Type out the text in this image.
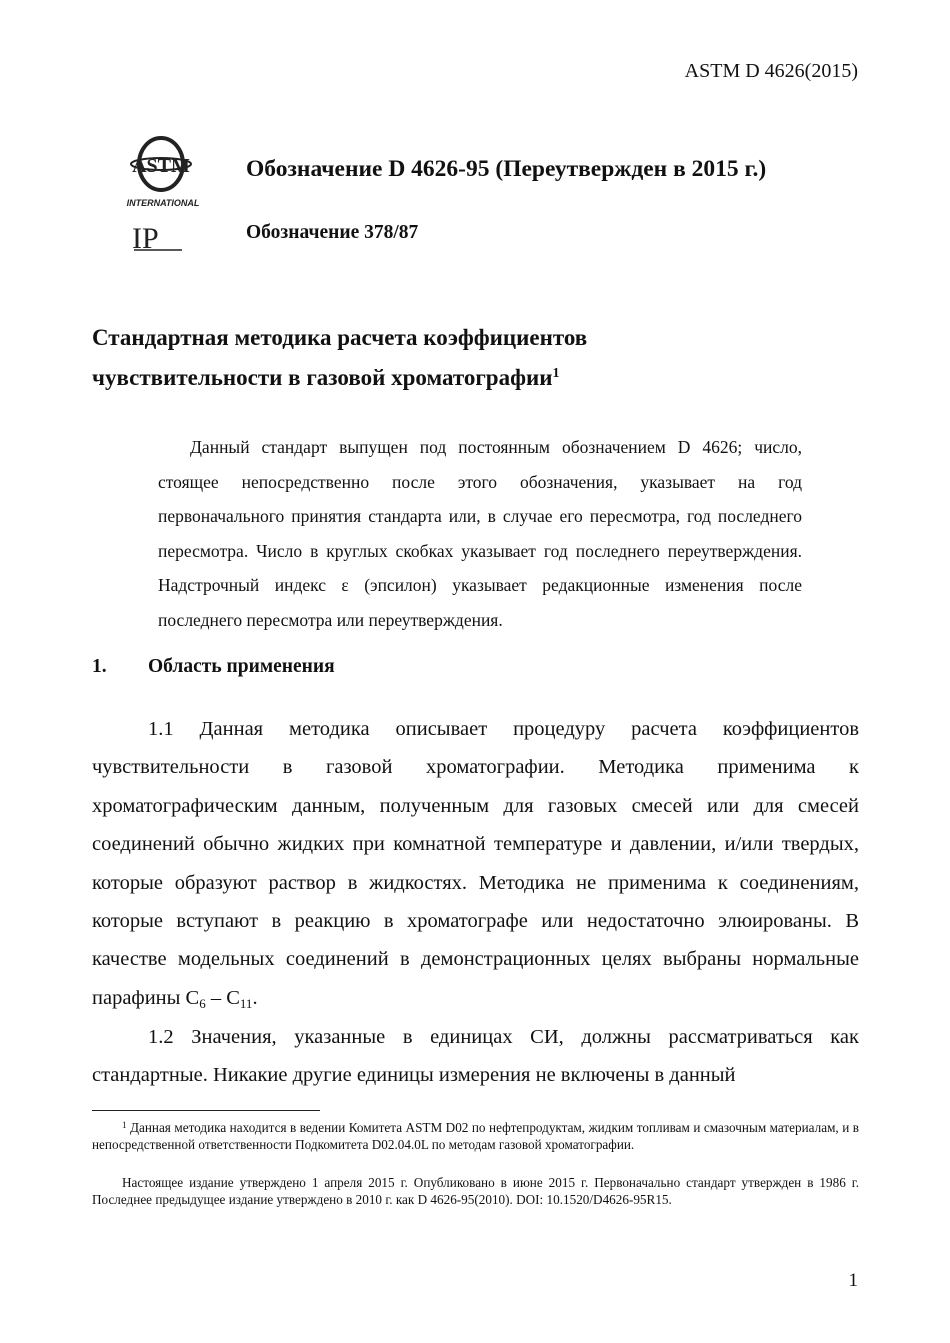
ASTM D 4626(2015)
ASTM
INTERNATIONAL
IP
Обозначение D 4626-95 (Переутвержден в 2015 г.)
Обозначение 378/87
Стандартная методика расчета коэффициентов
чувствительности в газовой хроматографии$^1$
Данный стандарт выпущен под постоянным обозначением D 4626; число, стоящее непосредственно после этого обозначения, указывает на год первоначального принятия стандарта или, в случае его пересмотра, год последнего пересмотра. Число в круглых скобках указывает год последнего переутверждения. Надстрочный индекс ε (эпсилон) указывает редакционные изменения после последнего пересмотра или переутверждения.
1. Область применения
1.1 Данная методика описывает процедуру расчета коэффициентов чувствительности в газовой хроматографии. Методика применима к хроматографическим данным, полученным для газовых смесей или для смесей соединений обычно жидких при комнатной температуре и давлении, и/или твердых, которые образуют раствор в жидкостях. Методика не применима к соединениям, которые вступают в реакцию в хроматографе или недостаточно элюированы. В качестве модельных соединений в демонстрационных целях выбраны нормальные парафины $C_6 - C_{11}$.
1.2 Значения, указанные в единицах СИ, должны рассматриваться как стандартные. Никакие другие единицы измерения не включены в данный
$^1$ Данная методика находится в ведении Комитета ASTM D02 по нефтепродуктам, жидким топливам и смазочным материалам, и в непосредственной ответственности Подкомитета D02.04.0L по методам газовой хроматографии.
Настоящее издание утверждено 1 апреля 2015 г. Опубликовано в июне 2015 г. Первоначально стандарт утвержден в 1986 г. Последнее предыдущее издание утверждено в 2010 г. как D 4626-95(2010). DOI: 10.1520/D4626-95R15.
1
